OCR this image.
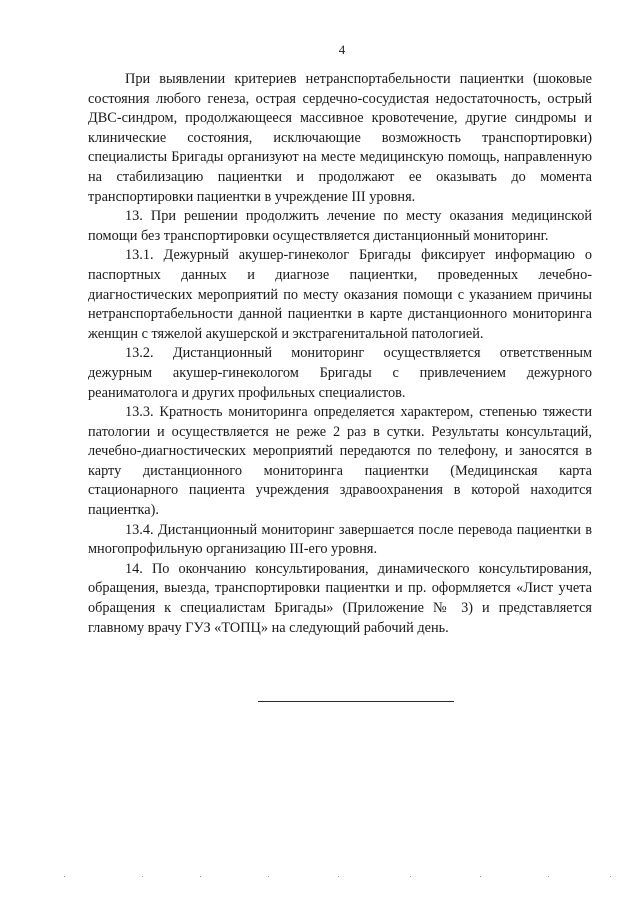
4

При выявлении критериев нетранспортабельности пациентки (шоковые состояния любого генеза, острая сердечно-сосудистая недостаточность, острый ДВС-синдром, продолжающееся массивное кровотечение, другие синдромы и клинические состояния, исключающие возможность транспортировки) специалисты Бригады организуют на месте медицинскую помощь, направленную на стабилизацию пациентки и продолжают ее оказывать до момента транспортировки пациентки в учреждение III уровня.

13. При решении продолжить лечение по месту оказания медицинской помощи без транспортировки осуществляется дистанционный мониторинг.

13.1. Дежурный акушер-гинеколог Бригады фиксирует информацию о паспортных данных и диагнозе пациентки, проведенных лечебно-диагностических мероприятий по месту оказания помощи с указанием причины нетранспортабельности данной пациентки в карте дистанционного мониторинга женщин с тяжелой акушерской и экстрагенитальной патологией.

13.2. Дистанционный мониторинг осуществляется ответственным дежурным акушер-гинекологом Бригады с привлечением дежурного реаниматолога и других профильных специалистов.

13.3. Кратность мониторинга определяется характером, степенью тяжести патологии и осуществляется не реже 2 раз в сутки. Результаты консультаций, лечебно-диагностических мероприятий передаются по телефону, и заносятся в карту дистанционного мониторинга пациентки (Медицинская карта стационарного пациента учреждения здравоохранения в которой находится пациентка).

13.4. Дистанционный мониторинг завершается после перевода пациентки в многопрофильную организацию III-его уровня.

14. По окончанию консультирования, динамического консультирования, обращения, выезда, транспортировки пациентки и пр. оформляется «Лист учета обращения к специалистам Бригады» (Приложение № 3) и представляется главному врачу ГУЗ «ТОПЦ» на следующий рабочий день.
